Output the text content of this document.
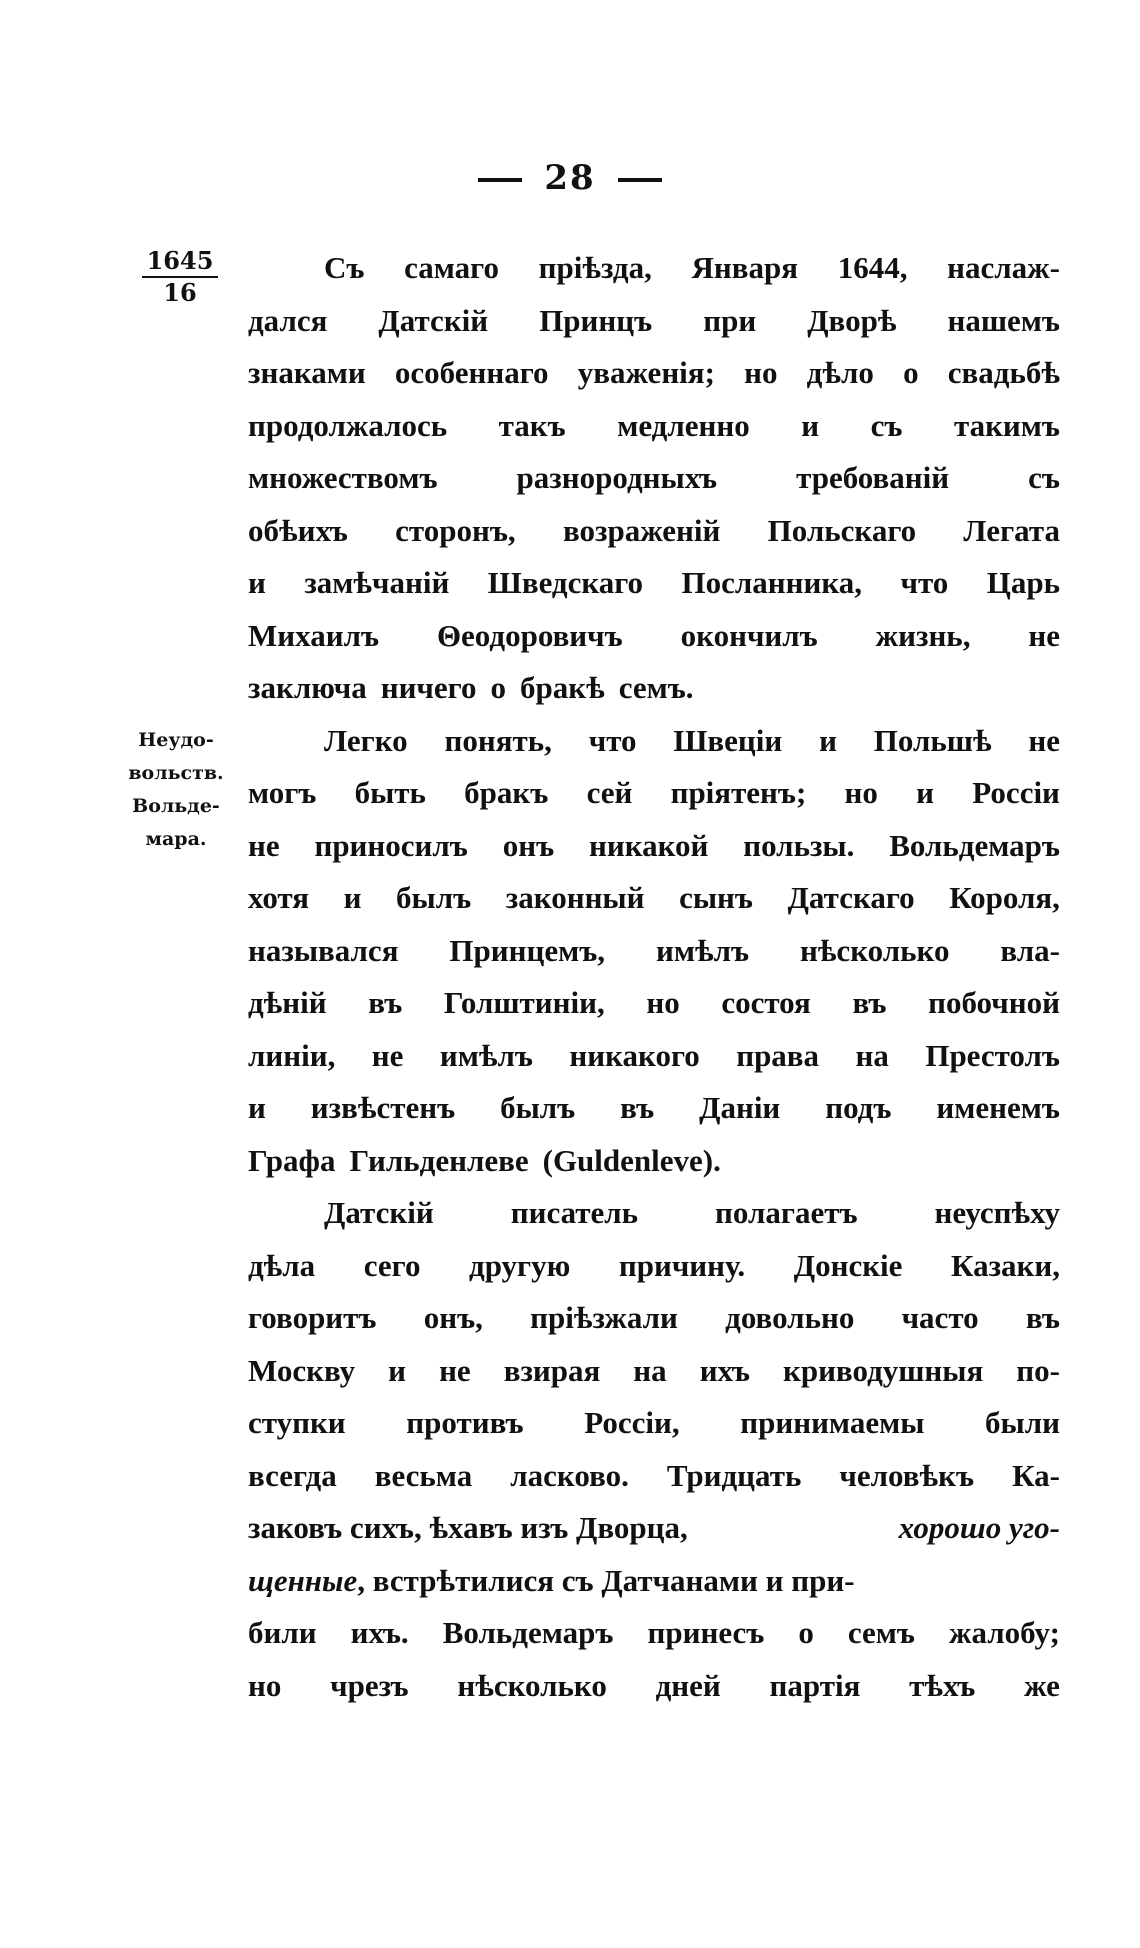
28
1645
16
Неудо-
вольств.
Вольде-
мара.
Съ самаго прiѣзда, Января 1644, наслаж-
дался Датскiй Принцъ при Дворѣ нашемъ
знаками особеннаго уваженiя; но дѣло о свадьбѣ
продолжалось такъ медленно и съ такимъ
множествомъ	разнородныхъ	требованiй	съ
обѣихъ сторонъ, возраженiй Польскаго Легата
и замѣчанiй Шведскаго Посланника, что Царь
Михаилъ Θеодоровичъ окончилъ жизнь, не
заключа ничего о бракѣ семъ.
Легко понять, что Швецiи и Польшѣ не
могъ быть бракъ сей прiятенъ; но и Россiи
не приносилъ онъ никакой пользы. Вольдемаръ
хотя и былъ законный сынъ Датскаго Короля,
назывался Принцемъ, имѣлъ нѣсколько вла-
дѣнiй въ Голштинiи, но состоя въ побочной
линiи, не имѣлъ никакого права на Престолъ
и извѣстенъ былъ въ Данiи подъ именемъ
Графа Гильденлеве (Guldenleve).
Датскiй писатель полагаетъ неуспѣху
дѣла сего другую причину. Донскiе Казаки,
говоритъ онъ, прiѣзжали довольно часто въ
Москву и не взирая на ихъ криводушныя по-
ступки противъ Россiи, принимаемы были
всегда весьма ласково. Тридцать человѣкъ Ка-
заковъ сихъ, ѣхавъ изъ Дворца,	хорошо уго-
щенные , встрѣтилися съ Датчанами и при-
били ихъ. Вольдемаръ принесъ о семъ жалобу;
но чрезъ нѣсколько дней партiя тѣхъ же
